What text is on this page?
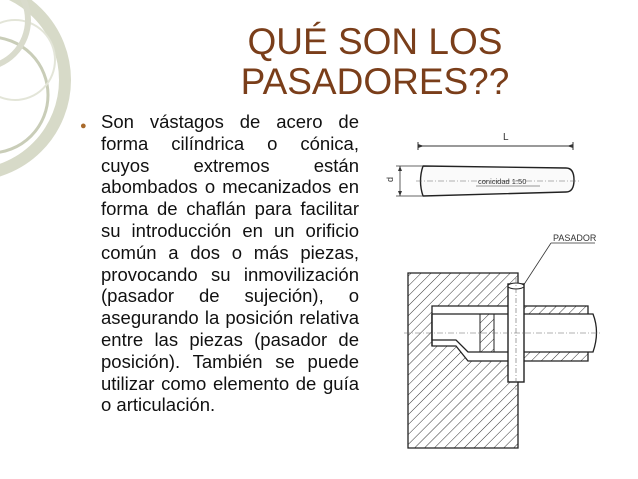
QUÉ SON LOS
PASADORES??
● Son vástagos de acero de forma cilíndrica o cónica, cuyos extremos están abombados o mecanizados en forma de chaflán para facilitar su introducción en un orificio común a dos o más piezas, provocando su inmovilización (pasador de sujeción), o asegurando la posición relativa entre las piezas (pasador de posición). También se puede utilizar como elemento de guía o articulación.
L
d	conicidad 1:50
PASADOR
